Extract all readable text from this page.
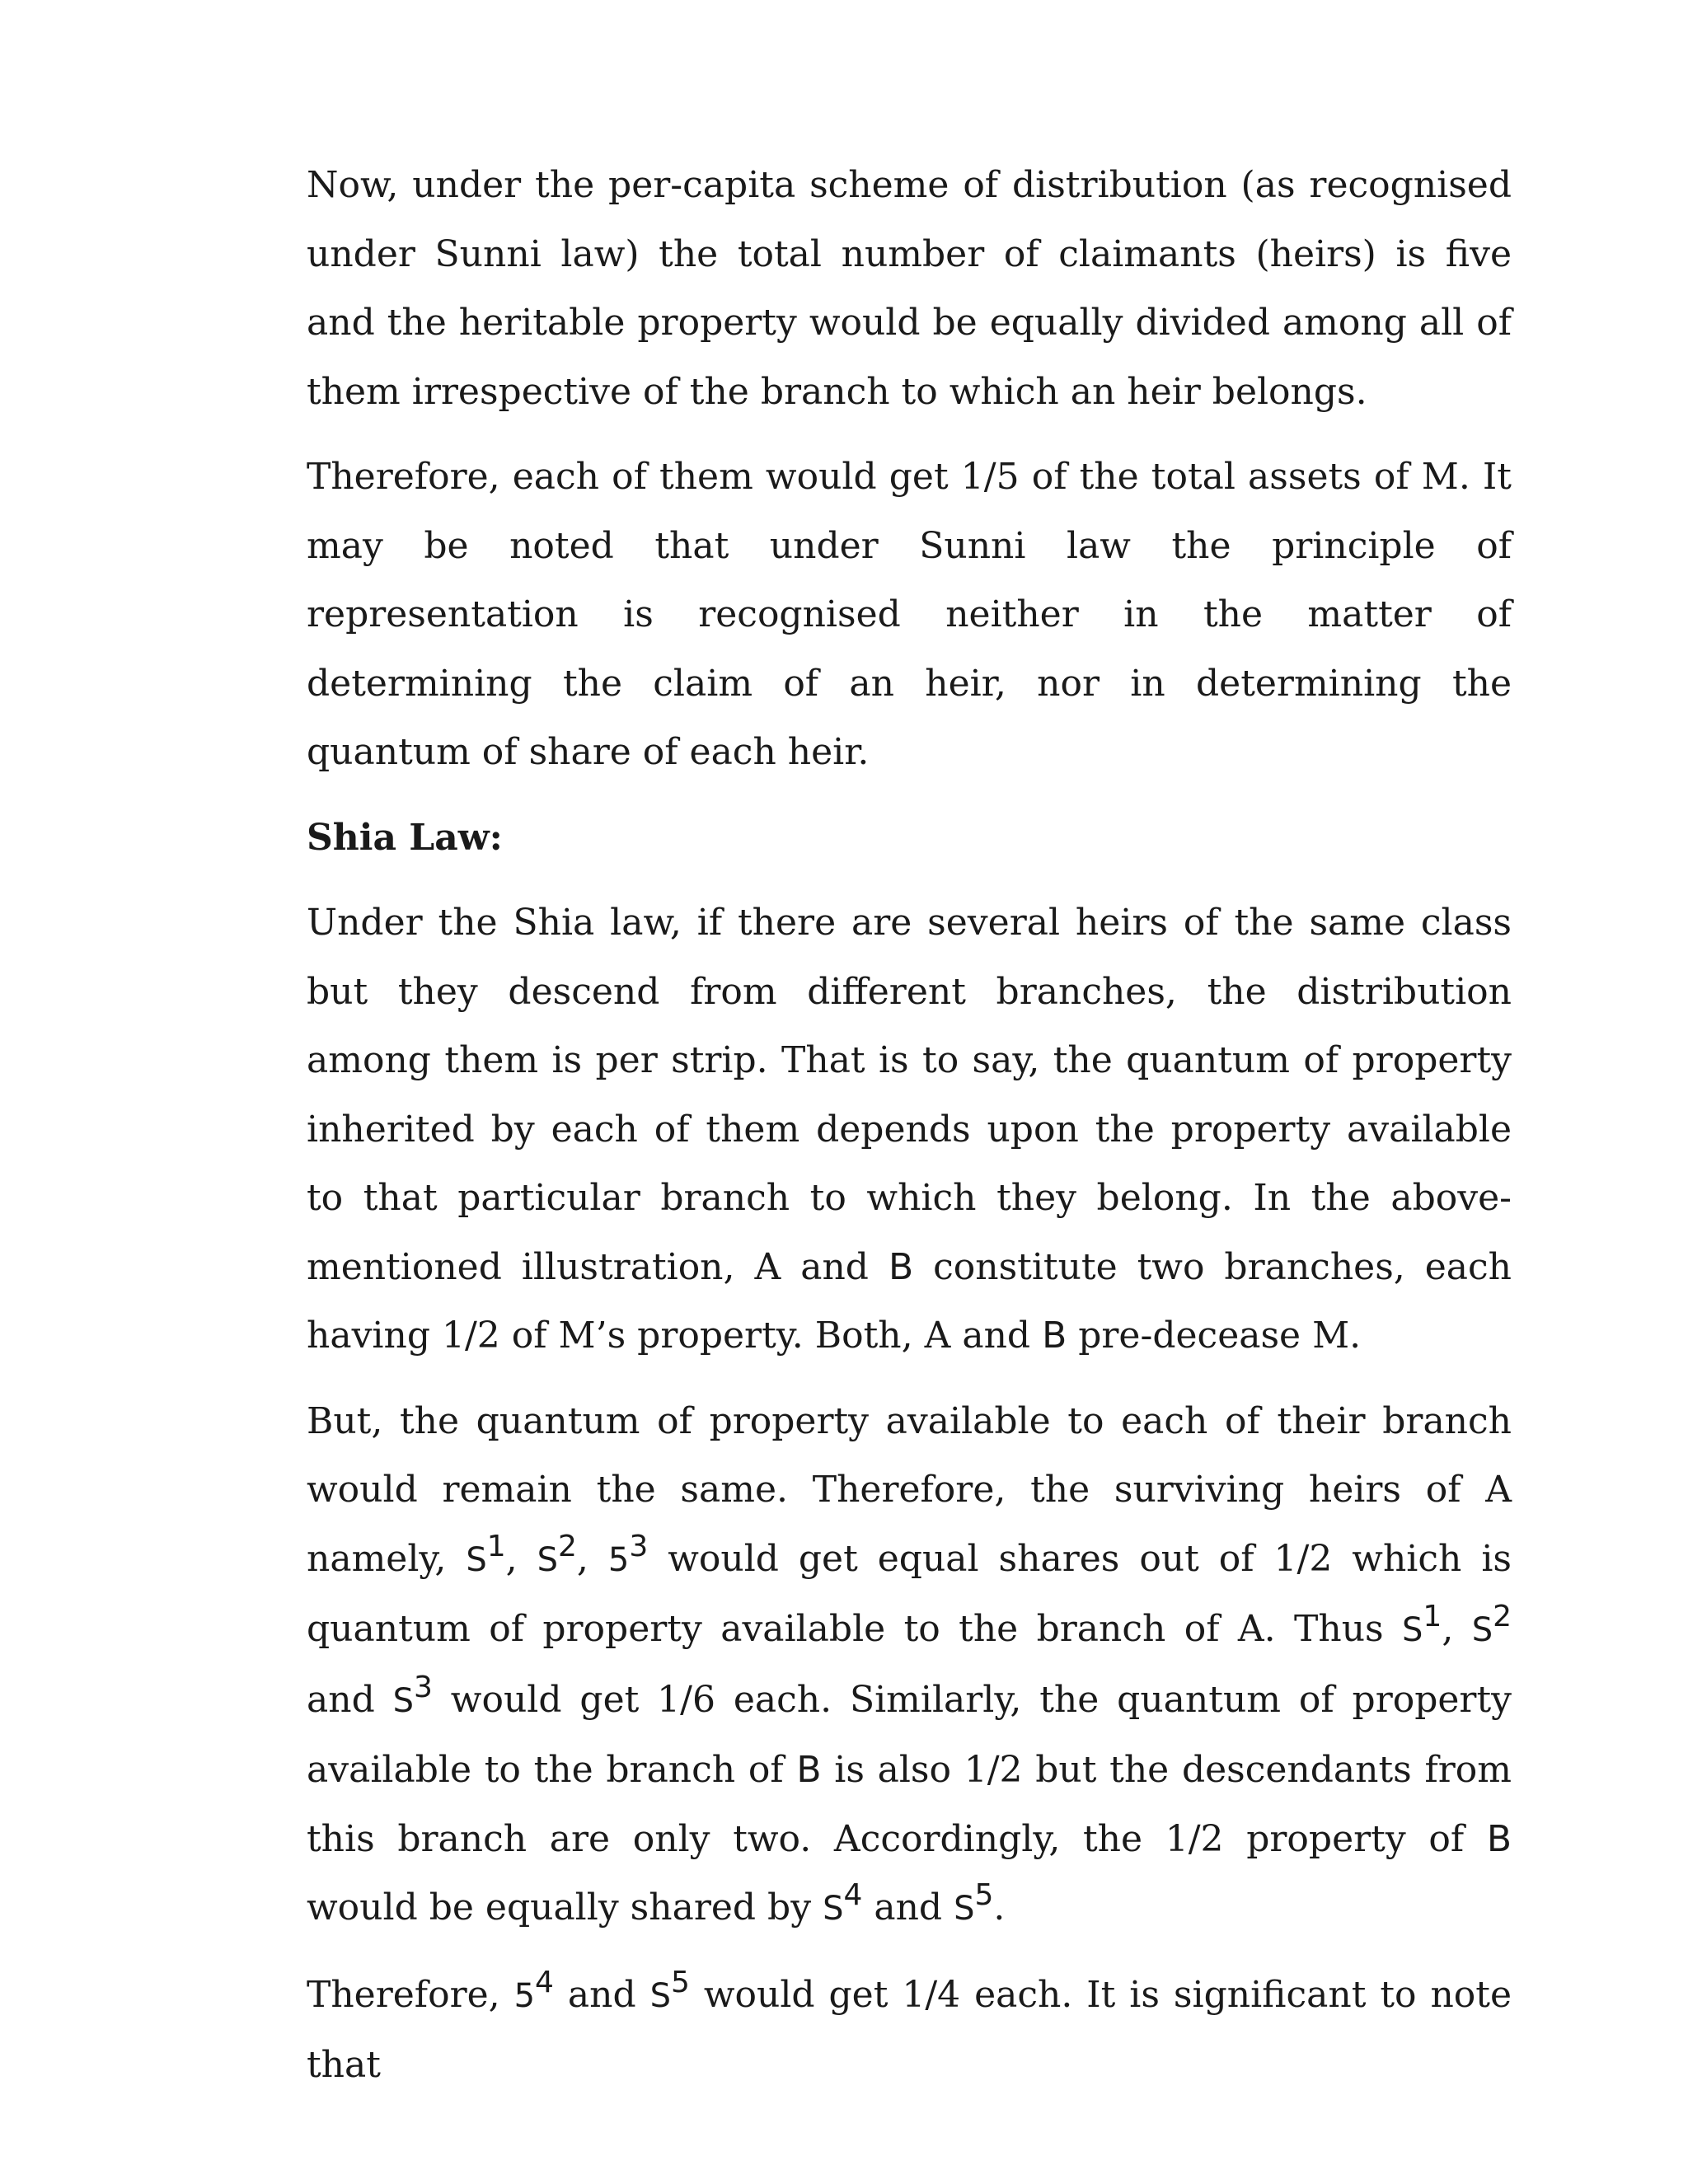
Now, under the per-capita scheme of distribution (as recognised under Sunni law) the total number of claimants (heirs) is five and the heritable property would be equally divided among all of them irrespective of the branch to which an heir belongs.

Therefore, each of them would get 1/5 of the total assets of M. It may be noted that under Sunni law the principle of representation is recognised neither in the matter of determining the claim of an heir, nor in determining the quantum of share of each heir.

Shia Law:

Under the Shia law, if there are several heirs of the same class but they descend from different branches, the distribution among them is per strip. That is to say, the quantum of property inherited by each of them depends upon the property available to that particular branch to which they belong. In the above-mentioned illustration, A and B constitute two branches, each having 1/2 of M’s property. Both, A and B pre-decease M.

But, the quantum of property available to each of their branch would remain the same. Therefore, the surviving heirs of A namely, $S^1$, $S^2$, $5^3$ would get equal shares out of 1/2 which is quantum of property available to the branch of A. Thus $S^1$, $S^2$ and $S^3$ would get 1/6 each. Similarly, the quantum of property available to the branch of B is also 1/2 but the descendants from this branch are only two. Accordingly, the 1/2 property of B would be equally shared by $S^4$ and $S^5$.

Therefore, $5^4$ and $S^5$ would get 1/4 each. It is significant to note that
